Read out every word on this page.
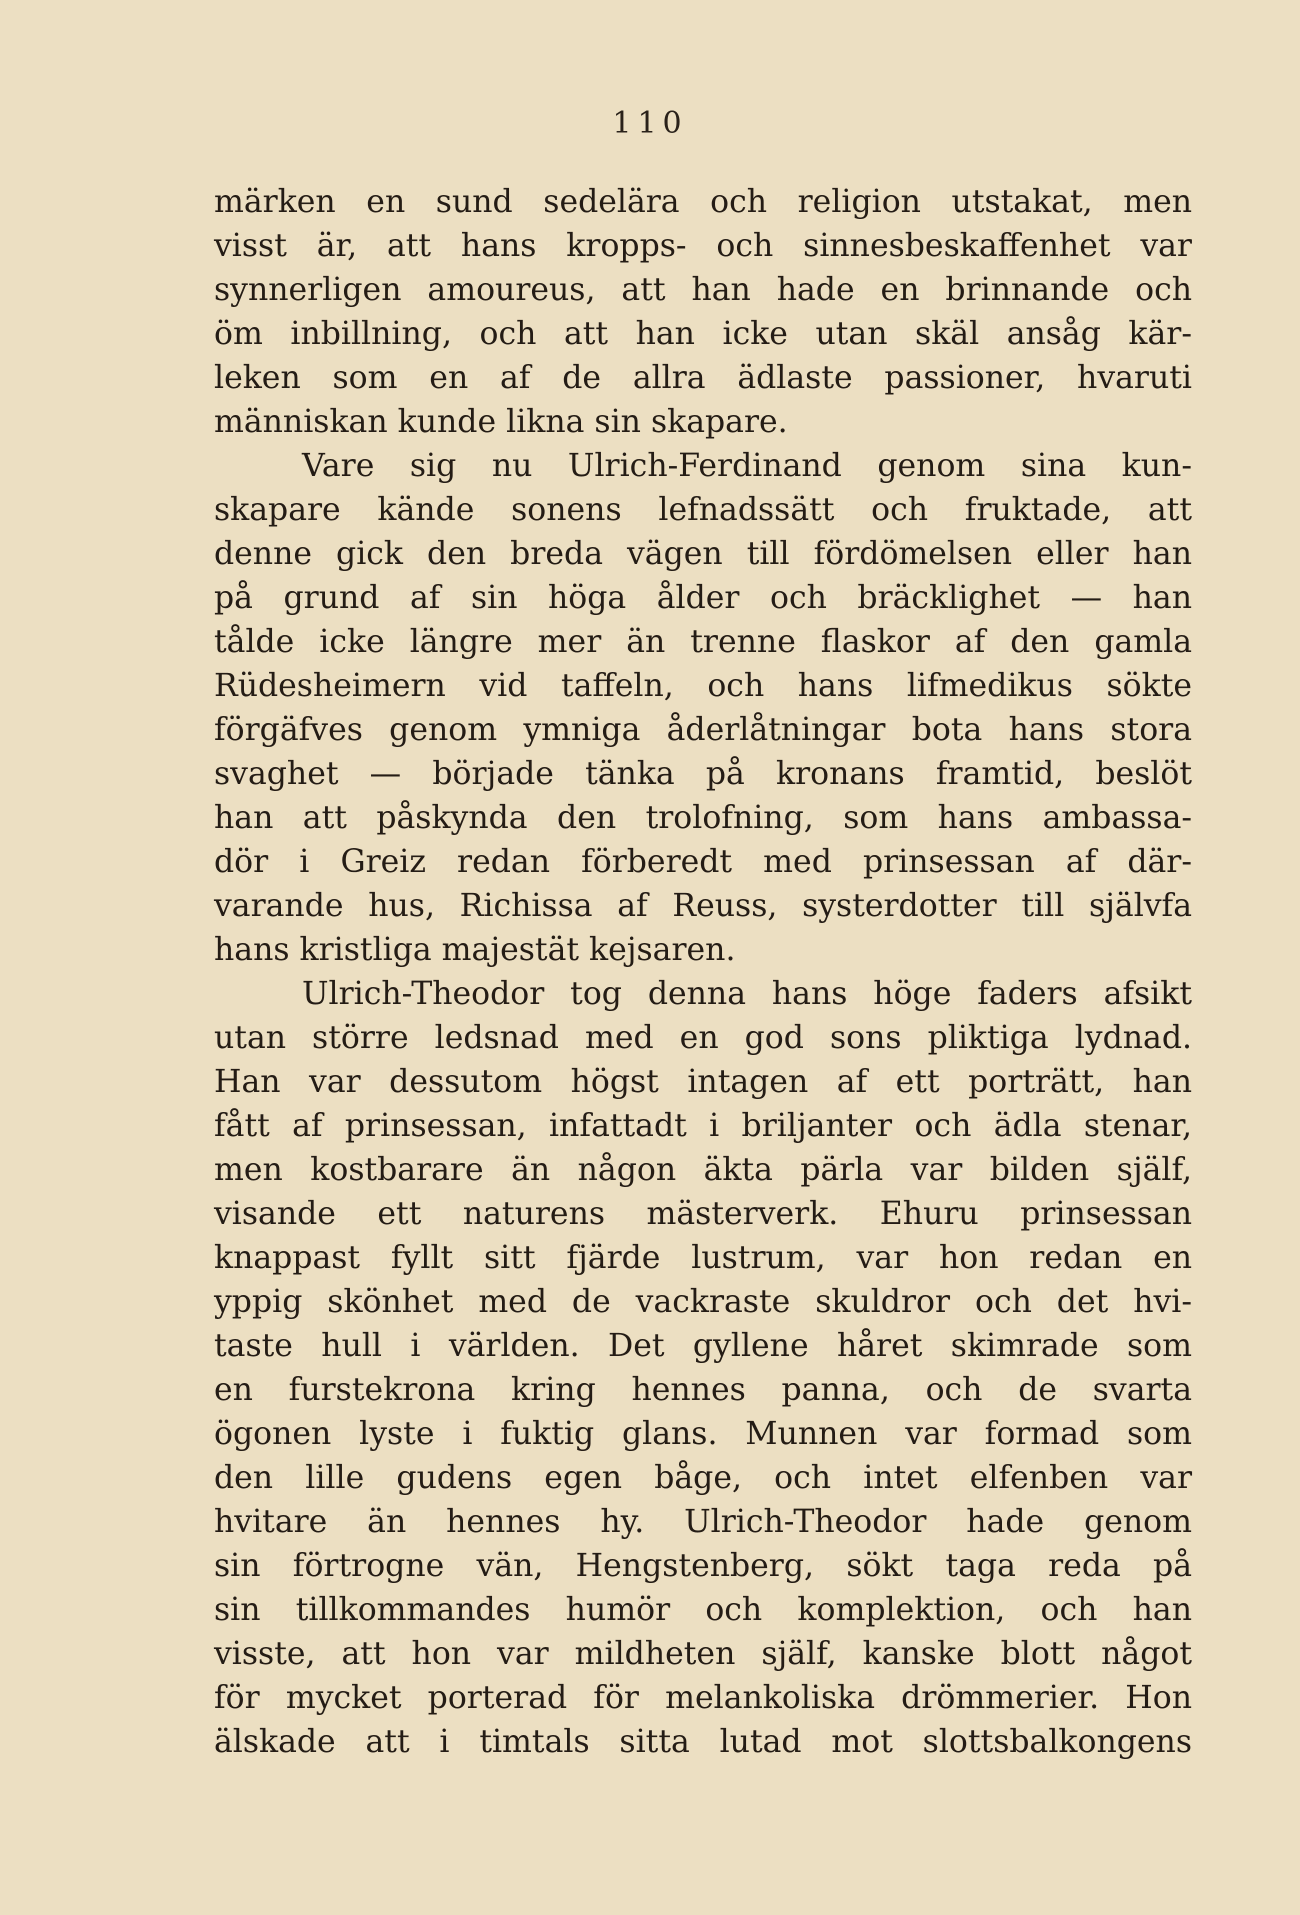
110
märken en sund sedelära och religion utstakat, men
visst är, att hans kropps- och sinnesbeskaffenhet var
synnerligen amoureus, att han hade en brinnande och
öm inbillning, och att han icke utan skäl ansåg kär-
leken som en af de allra ädlaste passioner, hvaruti
människan kunde likna sin skapare.
Vare sig nu Ulrich-Ferdinand genom sina kun-
skapare kände sonens lefnadssätt och fruktade, att
denne gick den breda vägen till fördömelsen eller han
på grund af sin höga ålder och bräcklighet — han
tålde icke längre mer än trenne flaskor af den gamla
Rüdesheimern vid taffeln, och hans lifmedikus sökte
förgäfves genom ymniga åderlåtningar bota hans stora
svaghet — började tänka på kronans framtid, beslöt
han att påskynda den trolofning, som hans ambassa-
dör i Greiz redan förberedt med prinsessan af där-
varande hus, Richissa af Reuss, systerdotter till självfa
hans kristliga majestät kejsaren.
Ulrich-Theodor tog denna hans höge faders afsikt
utan större ledsnad med en god sons pliktiga lydnad.
Han var dessutom högst intagen af ett porträtt, han
fått af prinsessan, infattadt i briljanter och ädla stenar,
men kostbarare än någon äkta pärla var bilden själf,
visande ett naturens mästerverk. Ehuru prinsessan
knappast fyllt sitt fjärde lustrum, var hon redan en
yppig skönhet med de vackraste skuldror och det hvi-
taste hull i världen. Det gyllene håret skimrade som
en furstekrona kring hennes panna, och de svarta
ögonen lyste i fuktig glans. Munnen var formad som
den lille gudens egen båge, och intet elfenben var
hvitare än hennes hy. Ulrich-Theodor hade genom
sin förtrogne vän, Hengstenberg, sökt taga reda på
sin tillkommandes humör och komplektion, och han
visste, att hon var mildheten själf, kanske blott något
för mycket porterad för melankoliska drömmerier. Hon
älskade att i timtals sitta lutad mot slottsbalkongens
